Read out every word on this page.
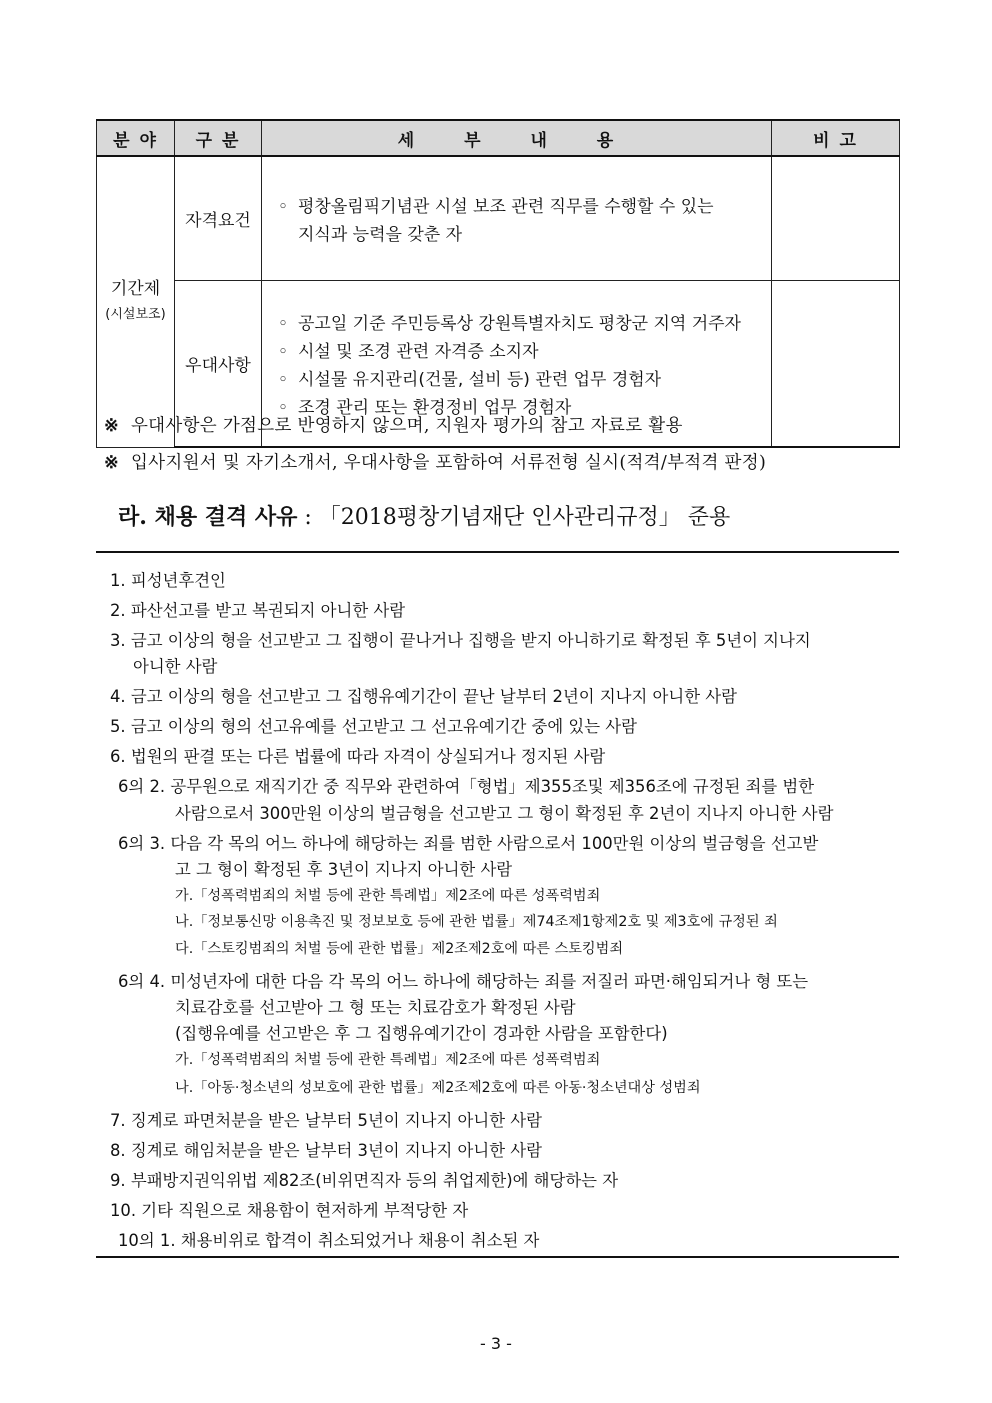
분 야	구 분	세 부 내 용	비 고
기간제
(시설보조)	자격요건	◦ 평창올림픽기념관 시설 보조 관련 직무를 수행할 수 있는
지식과 능력을 갖춘 자	

	우대사항	◦ 공고일 기준 주민등록상 강원특별자치도 평창군 지역 거주자
◦ 시설 및 조경 관련 자격증 소지자
◦ 시설물 유지관리(건물, 설비 등) 관련 업무 경험자
◦ 조경 관리 또는 환경정비 업무 경험자	

※ 우대사항은 가점으로 반영하지 않으며, 지원자 평가의 참고 자료로 활용
※ 입사지원서 및 자기소개서, 우대사항을 포함하여 서류전형 실시(적격/부적격 판정)
라. 채용 결격 사유 : 「2018평창기념재단 인사관리규정」 준용
1. 피성년후견인
2. 파산선고를 받고 복권되지 아니한 사람
3. 금고 이상의 형을 선고받고 그 집행이 끝나거나 집행을 받지 아니하기로 확정된 후 5년이 지나지
아니한 사람
4. 금고 이상의 형을 선고받고 그 집행유예기간이 끝난 날부터 2년이 지나지 아니한 사람
5. 금고 이상의 형의 선고유예를 선고받고 그 선고유예기간 중에 있는 사람
6. 법원의 판결 또는 다른 법률에 따라 자격이 상실되거나 정지된 사람
6의 2. 공무원으로 재직기간 중 직무와 관련하여「형법」제355조및 제356조에 규정된 죄를 범한
사람으로서 300만원 이상의 벌금형을 선고받고 그 형이 확정된 후 2년이 지나지 아니한 사람
6의 3. 다음 각 목의 어느 하나에 해당하는 죄를 범한 사람으로서 100만원 이상의 벌금형을 선고받
고 그 형이 확정된 후 3년이 지나지 아니한 사람
가.「성폭력범죄의 처벌 등에 관한 특례법」제2조에 따른 성폭력범죄
나.「정보통신망 이용촉진 및 정보보호 등에 관한 법률」제74조제1항제2호 및 제3호에 규정된 죄
다.「스토킹범죄의 처벌 등에 관한 법률」제2조제2호에 따른 스토킹범죄
6의 4. 미성년자에 대한 다음 각 목의 어느 하나에 해당하는 죄를 저질러 파면·해임되거나 형 또는
치료감호를 선고받아 그 형 또는 치료감호가 확정된 사람
(집행유예를 선고받은 후 그 집행유예기간이 경과한 사람을 포함한다)
가.「성폭력범죄의 처벌 등에 관한 특례법」제2조에 따른 성폭력범죄
나.「아동·청소년의 성보호에 관한 법률」제2조제2호에 따른 아동·청소년대상 성범죄
7. 징계로 파면처분을 받은 날부터 5년이 지나지 아니한 사람
8. 징계로 해임처분을 받은 날부터 3년이 지나지 아니한 사람
9. 부패방지권익위법 제82조(비위면직자 등의 취업제한)에 해당하는 자
10. 기타 직원으로 채용함이 현저하게 부적당한 자
10의 1. 채용비위로 합격이 취소되었거나 채용이 취소된 자
- 3 -
